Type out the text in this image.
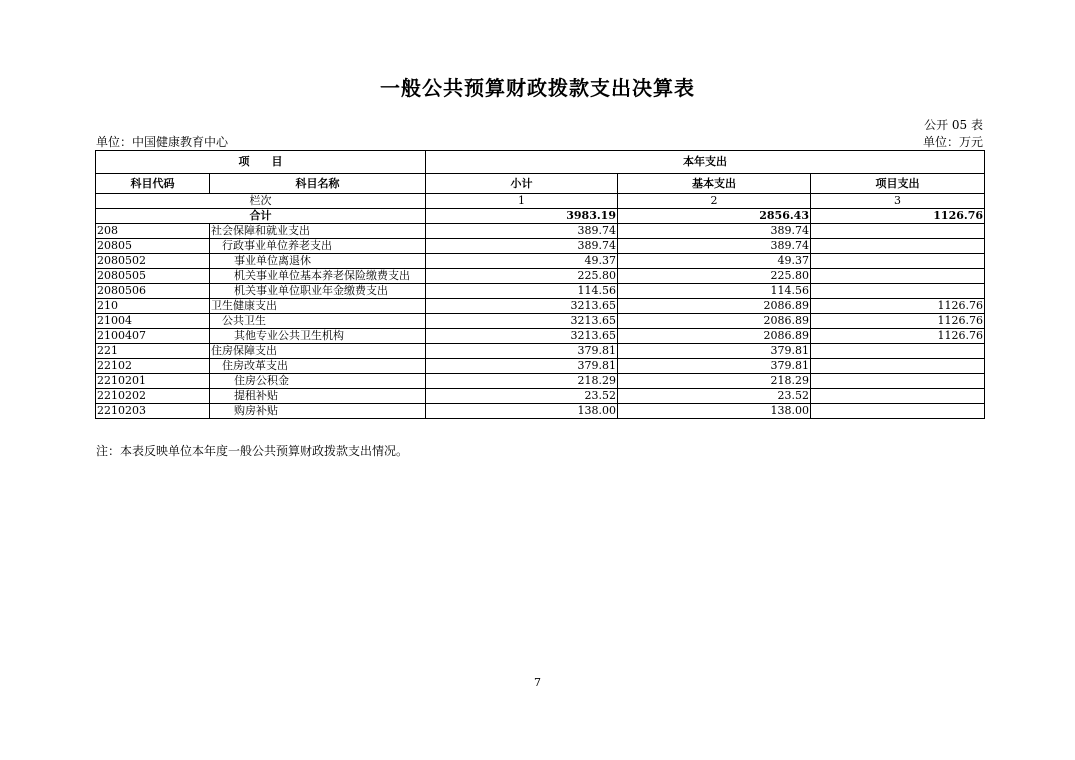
一般公共预算财政拨款支出决算表
公开 05 表
单位：中国健康教育中心	单位：万元
项　　目		本年支出		
科目代码	科目名称	小计	基本支出	项目支出
栏次		1	2	3
合计		3983.19	2856.43	1126.76
208	社会保障和就业支出	389.74	389.74	
20805	行政事业单位养老支出	389.74	389.74	
2080502	事业单位离退休	49.37	49.37	
2080505	机关事业单位基本养老保险缴费支出	225.80	225.80	
2080506	机关事业单位职业年金缴费支出	114.56	114.56	
210	卫生健康支出	3213.65	2086.89	1126.76
21004	公共卫生	3213.65	2086.89	1126.76
2100407	其他专业公共卫生机构	3213.65	2086.89	1126.76
221	住房保障支出	379.81	379.81	
22102	住房改革支出	379.81	379.81	
2210201	住房公积金	218.29	218.29	
2210202	提租补贴	23.52	23.52	
2210203	购房补贴	138.00	138.00	
注：本表反映单位本年度一般公共预算财政拨款支出情况。
7
